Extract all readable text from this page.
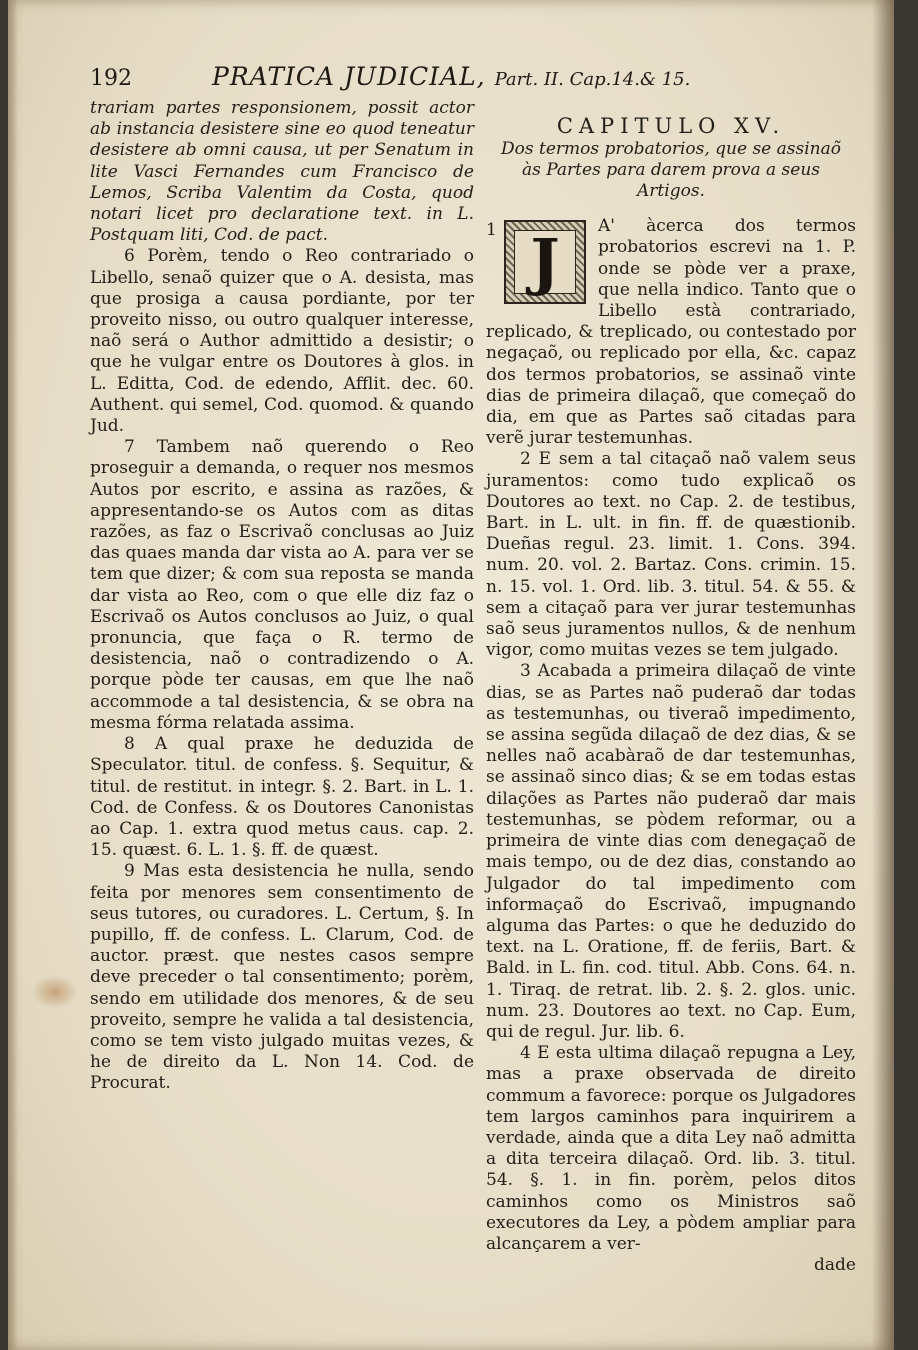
192	PRATICA JUDICIAL, Part. II. Cap.14.& 15.

trariam partes responsionem, possit actor ab instancia desistere sine eo quod teneatur desistere ab omni causa, ut per Senatum in lite Vasci Fernandes cum Francisco de Lemos, Scriba Valentim da Costa, quod notari licet pro declaratione text. in L. Postquam liti, Cod. de pact.

6 Porèm, tendo o Reo contrariado o Libello, senaõ quizer que o A. desista, mas que prosiga a causa pordiante, por ter proveito nisso, ou outro qualquer interesse, naõ será o Author admittido a desistir; o que he vulgar entre os Doutores à glos. in L. Editta, Cod. de edendo, Afflit. dec. 60. Authent. qui semel, Cod. quomod. & quando Jud.

7 Tambem naõ querendo o Reo proseguir a demanda, o requer nos mesmos Autos por escrito, e assina as razões, & appresentando-se os Autos com as ditas razões, as faz o Escrivaõ conclusas ao Juiz das quaes manda dar vista ao A. para ver se tem que dizer; & com sua reposta se manda dar vista ao Reo, com o que elle diz faz o Escrivaõ os Autos conclusos ao Juiz, o qual pronuncia, que faça o R. termo de desistencia, naõ o contradizendo o A. porque pòde ter causas, em que lhe naõ accommode a tal desistencia, & se obra na mesma fórma relatada assima.

8 A qual praxe he deduzida de Speculator. titul. de confess. §. Sequitur, & titul. de restitut. in integr. §. 2. Bart. in L. 1. Cod. de Confess. & os Doutores Canonistas ao Cap. 1. extra quod metus caus. cap. 2. 15. quæst. 6. L. 1. §. ff. de quæst.

9 Mas esta desistencia he nulla, sendo feita por menores sem consentimento de seus tutores, ou curadores. L. Certum, §. In pupillo, ff. de confess. L. Clarum, Cod. de auctor. præst. que nestes casos sempre deve preceder o tal consentimento; porèm, sendo em utilidade dos menores, & de seu proveito, sempre he valida a tal desistencia, como se tem visto julgado muitas vezes, & he de direito da L. Non 14. Cod. de Procurat.

CAPITULO XV.
Dos termos probatorios, que se assinaõ às Partes para darem prova a seus Artigos.
1 J	A' àcerca dos termos probatorios escrevi na 1. P. onde se pòde ver a praxe, que nella indico. Tanto que o Libello està contrariado, replicado, & treplicado, ou contestado por negaçaõ, ou replicado por ella, &c. capaz dos termos probatorios, se assinaõ vinte dias de primeira dilaçaõ, que começaõ do dia, em que as Partes saõ citadas para verẽ jurar testemunhas.

2 E sem a tal citaçaõ naõ valem seus juramentos: como tudo explicaõ os Doutores ao text. no Cap. 2. de testibus, Bart. in L. ult. in fin. ff. de quæstionib. Dueñas regul. 23. limit. 1. Cons. 394. num. 20. vol. 2. Bartaz. Cons. crimin. 15. n. 15. vol. 1. Ord. lib. 3. titul. 54. & 55. & sem a citaçaõ para ver jurar testemunhas saõ seus juramentos nullos, & de nenhum vigor, como muitas vezes se tem julgado.

3 Acabada a primeira dilaçaõ de vinte dias, se as Partes naõ puderaõ dar todas as testemunhas, ou tiveraõ impedimento, se assina segũda dilaçaõ de dez dias, & se nelles naõ acabàraõ de dar testemunhas, se assinaõ sinco dias; & se em todas estas dilações as Partes não puderaõ dar mais testemunhas, se pòdem reformar, ou a primeira de vinte dias com denegaçaõ de mais tempo, ou de dez dias, constando ao Julgador do tal impedimento com informaçaõ do Escrivaõ, impugnando alguma das Partes: o que he deduzido do text. na L. Oratione, ff. de feriis, Bart. & Bald. in L. fin. cod. titul. Abb. Cons. 64. n. 1. Tiraq. de retrat. lib. 2. §. 2. glos. unic. num. 23. Doutores ao text. no Cap. Eum, qui de regul. Jur. lib. 6.

4 E esta ultima dilaçaõ repugna a Ley, mas a praxe observada de direito commum a favorece: porque os Julgadores tem largos caminhos para inquirirem a verdade, ainda que a dita Ley naõ admitta a dita terceira dilaçaõ. Ord. lib. 3. titul. 54. §. 1. in fin. porèm, pelos ditos caminhos como os Ministros saõ executores da Ley, a pòdem ampliar para alcançarem a ver-

dade
